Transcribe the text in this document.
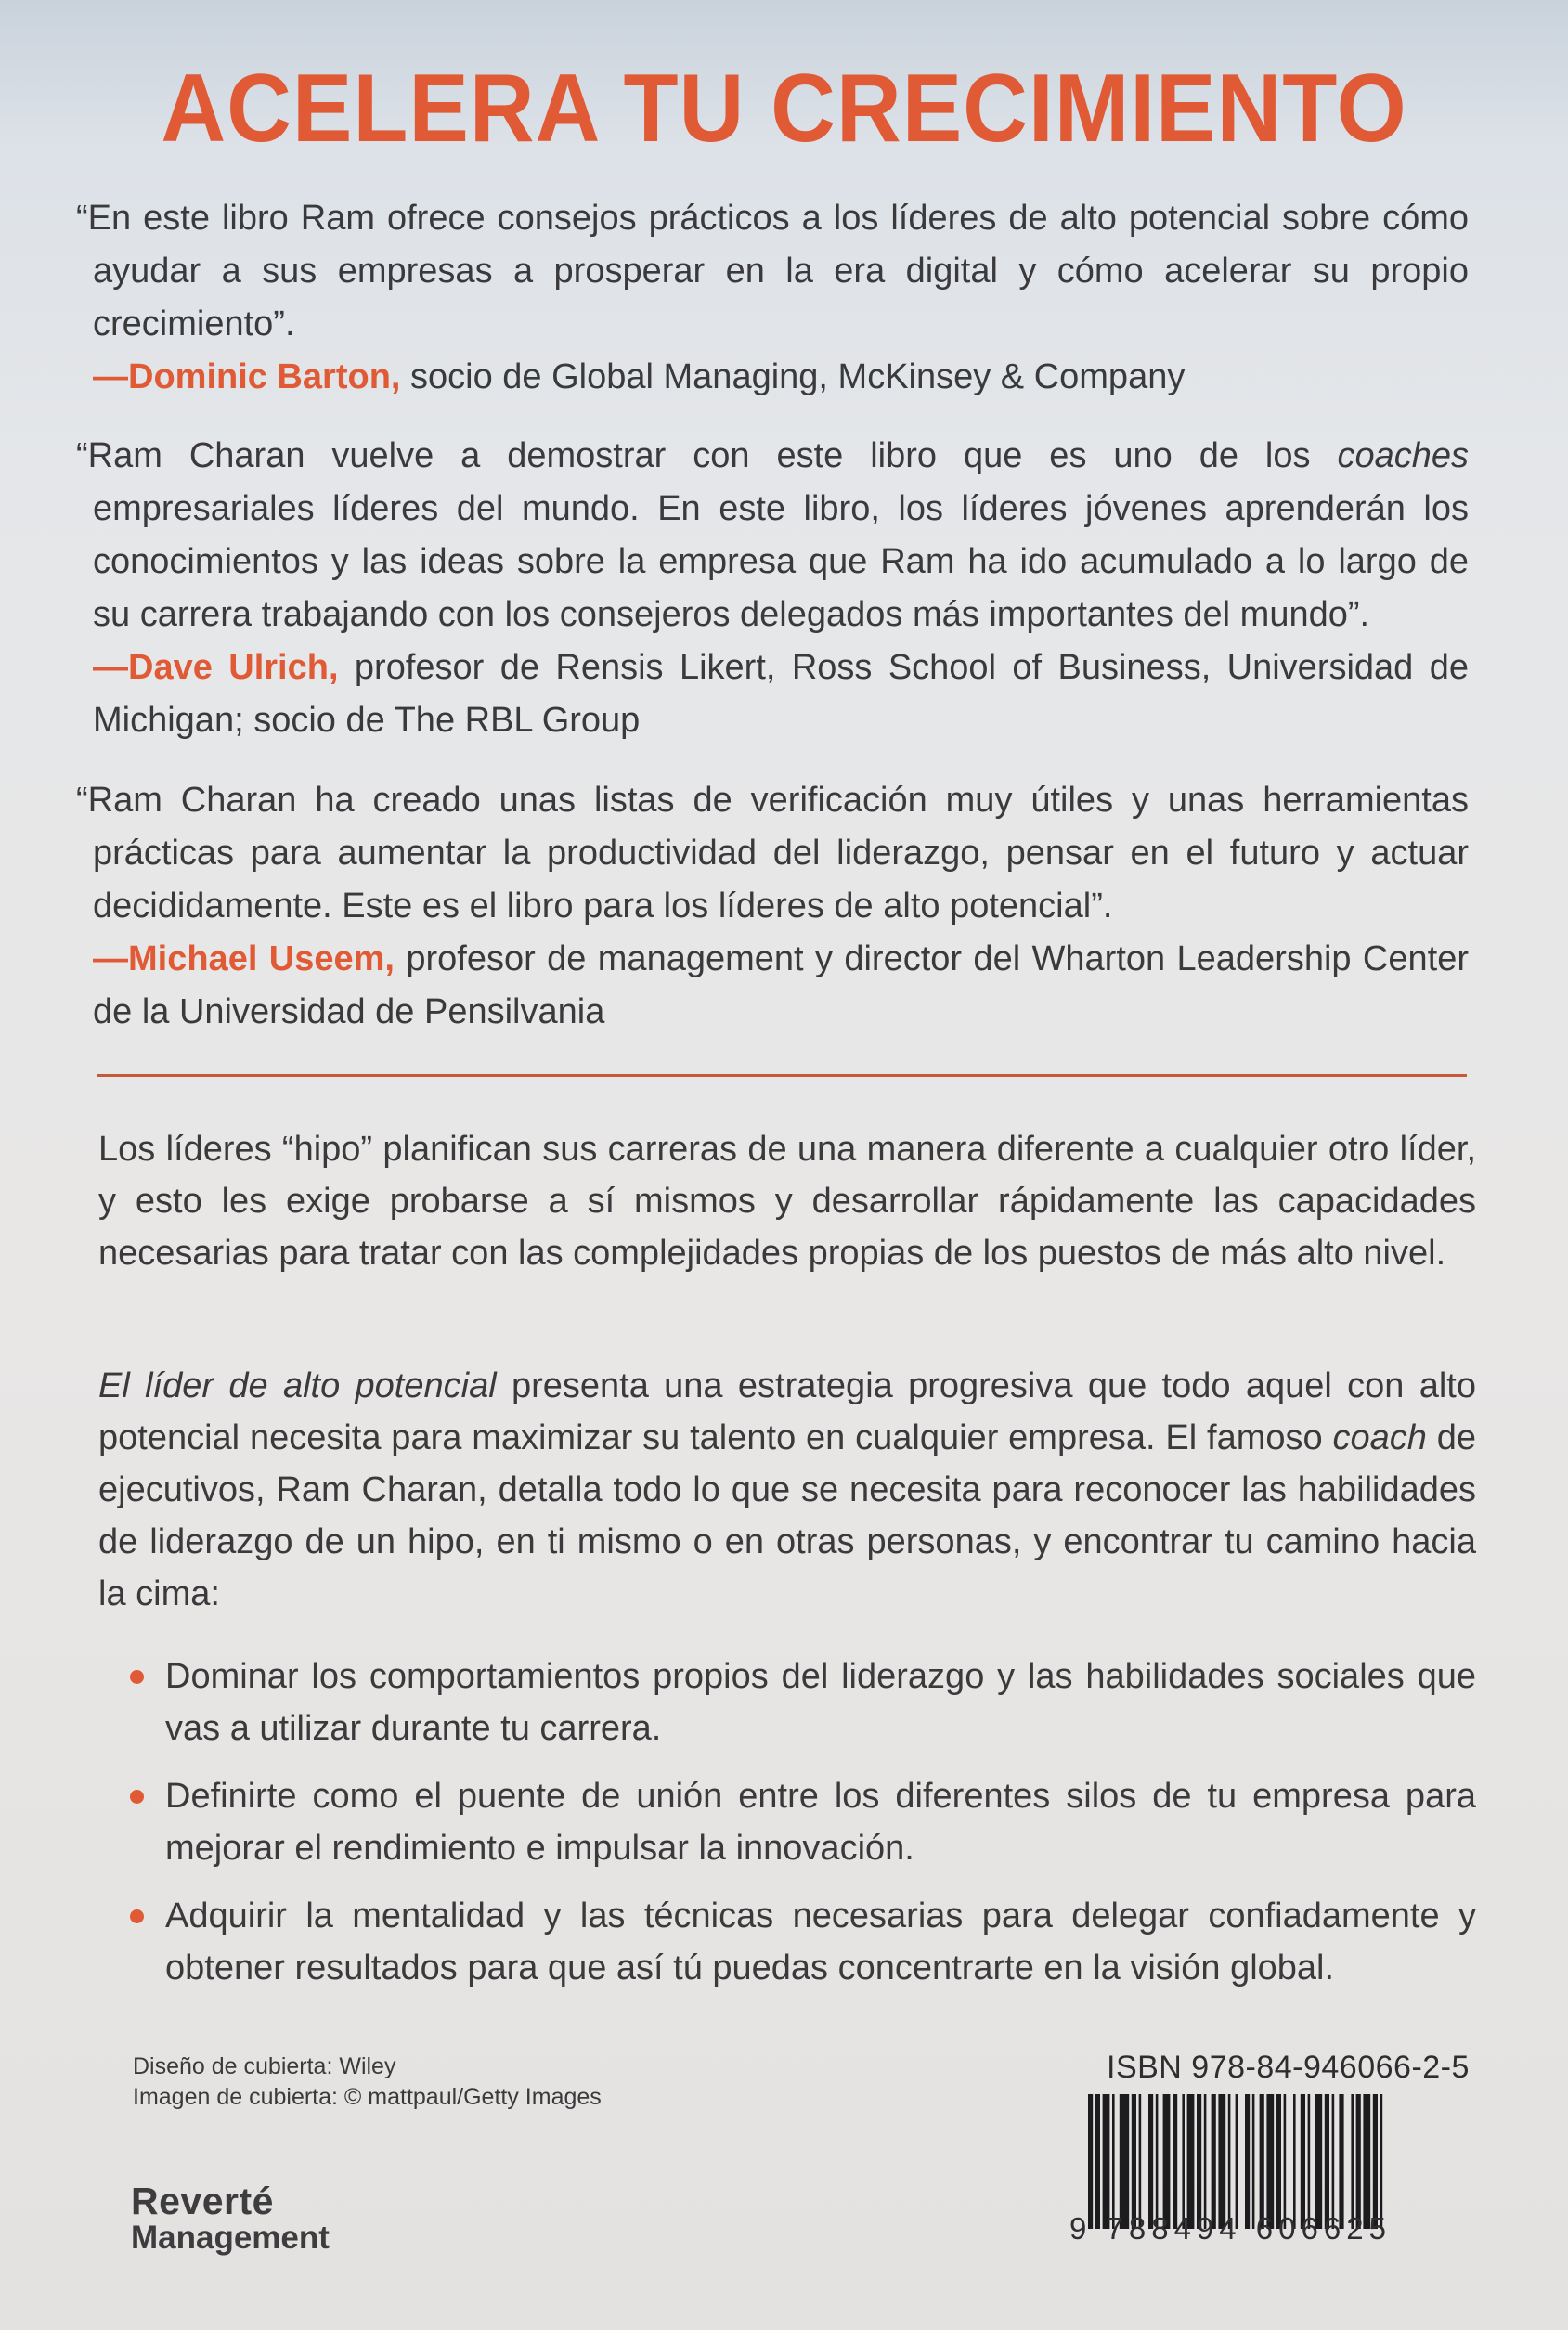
ACELERA TU CRECIMIENTO

“En este libro Ram ofrece consejos prácticos a los líderes de alto potencial sobre cómo ayudar a sus empresas a prosperar en la era digital y cómo acelerar su propio crecimiento”.

—Dominic Barton, socio de Global Managing, McKinsey & Company

“Ram Charan vuelve a demostrar con este libro que es uno de los coaches empresariales líderes del mundo. En este libro, los líderes jóvenes aprenderán los conocimientos y las ideas sobre la empresa que Ram ha ido acumulado a lo largo de su carrera trabajando con los consejeros delegados más importantes del mundo”.

—Dave Ulrich, profesor de Rensis Likert, Ross School of Business, Universidad de Michigan; socio de The RBL Group

“Ram Charan ha creado unas listas de verificación muy útiles y unas herramientas prácticas para aumentar la productividad del liderazgo, pensar en el futuro y actuar decididamente. Este es el libro para los líderes de alto potencial”.

—Michael Useem, profesor de management y director del Wharton Leadership Center de la Universidad de Pensilvania

Los líderes “hipo” planifican sus carreras de una manera diferente a cualquier otro líder, y esto les exige probarse a sí mismos y desarrollar rápidamente las capacidades necesarias para tratar con las complejidades propias de los puestos de más alto nivel.

El líder de alto potencial presenta una estrategia progresiva que todo aquel con alto potencial necesita para maximizar su talento en cualquier empresa. El famoso coach de ejecutivos, Ram Charan, detalla todo lo que se necesita para reconocer las habilidades de liderazgo de un hipo, en ti mismo o en otras personas, y encontrar tu camino hacia la cima:

Dominar los comportamientos propios del liderazgo y las habilidades sociales que vas a utilizar durante tu carrera.
Definirte como el puente de unión entre los diferentes silos de tu empresa para mejorar el rendimiento e impulsar la innovación.
Adquirir la mentalidad y las técnicas necesarias para delegar confiadamente y obtener resultados para que así tú puedas concentrarte en la visión global.
Diseño de cubierta: Wiley
Imagen de cubierta: © mattpaul/Getty Images
Reverté
Management
ISBN 978-84-946066-2-5
9 788494 606625
